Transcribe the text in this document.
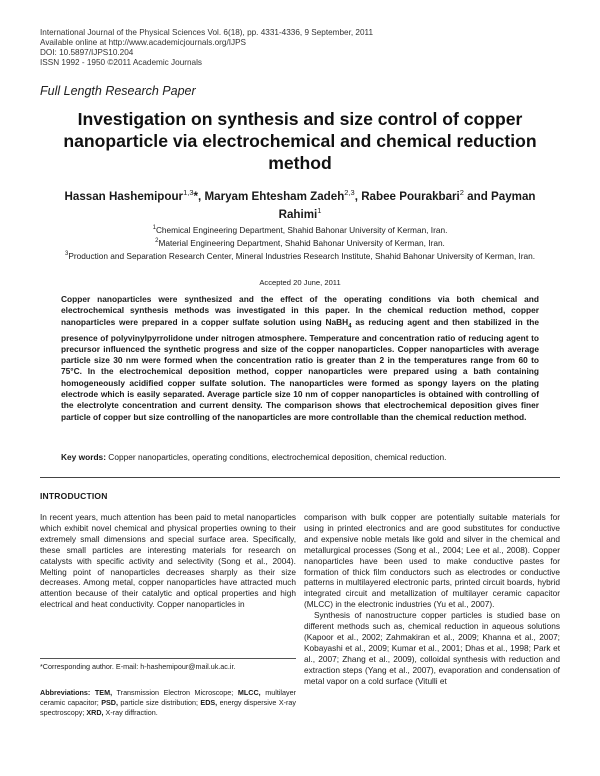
International Journal of the Physical Sciences Vol. 6(18), pp. 4331-4336, 9 September, 2011
Available online at http://www.academicjournals.org/IJPS
DOI: 10.5897/IJPS10.204
ISSN 1992 - 1950 ©2011 Academic Journals
Full Length Research Paper
Investigation on synthesis and size control of copper nanoparticle via electrochemical and chemical reduction method
Hassan Hashemipour$^{1,3}$*, Maryam Ehtesham Zadeh$^{2,3}$, Rabee Pourakbari$^2$ and Payman Rahimi$^1$
$^1$Chemical Engineering Department, Shahid Bahonar University of Kerman, Iran.
$^2$Material Engineering Department, Shahid Bahonar University of Kerman, Iran.
$^3$Production and Separation Research Center, Mineral Industries Research Institute, Shahid Bahonar University of Kerman, Iran.
Accepted 20 June, 2011
Copper nanoparticles were synthesized and the effect of the operating conditions via both chemical and electrochemical synthesis methods was investigated in this paper. In the chemical reduction method, copper nanoparticles were prepared in a copper sulfate solution using NaBH$_4$ as reducing agent and then stabilized in the presence of polyvinylpyrrolidone under nitrogen atmosphere. Temperature and concentration ratio of reducing agent to precursor influenced the synthetic progress and size of the copper nanoparticles. Copper nanoparticles with average particle size 30 nm were formed when the concentration ratio is greater than 2 in the temperatures range from 60 to 75°C. In the electrochemical deposition method, copper nanoparticles were prepared using a bath containing homogeneously acidified copper sulfate solution. The nanoparticles were formed as spongy layers on the plating electrode which is easily separated. Average particle size 10 nm of copper nanoparticles is obtained with controlling of the electrolyte concentration and current density. The comparison shows that electrochemical deposition gives finer particle of copper but size controlling of the nanoparticles are more controllable than the chemical reduction method.
Key words: Copper nanoparticles, operating conditions, electrochemical deposition, chemical reduction.
INTRODUCTION

In recent years, much attention has been paid to metal nanoparticles which exhibit novel chemical and physical properties owning to their extremely small dimensions and special surface area. Specifically, these small particles are interesting materials for research on catalysts with specific activity and selectivity (Song et al., 2004). Melting point of nanoparticles decreases sharply as their size decreases. Among metal, copper nanoparticles have attracted much attention because of their catalytic and optical properties and high electrical and heat conductivity. Copper nanoparticles in

comparison with bulk copper are potentially suitable materials for using in printed electronics and are good substitutes for conductive and expensive noble metals like gold and silver in the chemical and metallurgical processes (Song et al., 2004; Lee et al., 2008). Copper nanoparticles have been used to make conductive pastes for formation of thick film conductors such as electrodes or conductive patterns in multilayered electronic parts, printed circuit boards, hybrid integrated circuit and metallization of multilayer ceramic capacitor (MLCC) in the electronic industries (Yu et al., 2007).

Synthesis of nanostructure copper particles is studied base on different methods such as, chemical reduction in aqueous solutions (Kapoor et al., 2002; Zahmakiran et al., 2009; Khanna et al., 2007; Kobayashi et al., 2009; Kumar et al., 2001; Dhas et al., 1998; Park et al., 2007; Zhang et al., 2009), colloidal synthesis with reduction and extraction steps (Yang et al., 2007), evaporation and condensation of metal vapor on a cold surface (Vitulli et

*Corresponding author. E-mail: h-hashemipour@mail.uk.ac.ir.
Abbreviations: TEM, Transmission Electron Microscope; MLCC, multilayer ceramic capacitor; PSD, particle size distribution; EDS, energy dispersive X-ray spectroscopy; XRD, X-ray diffraction.
